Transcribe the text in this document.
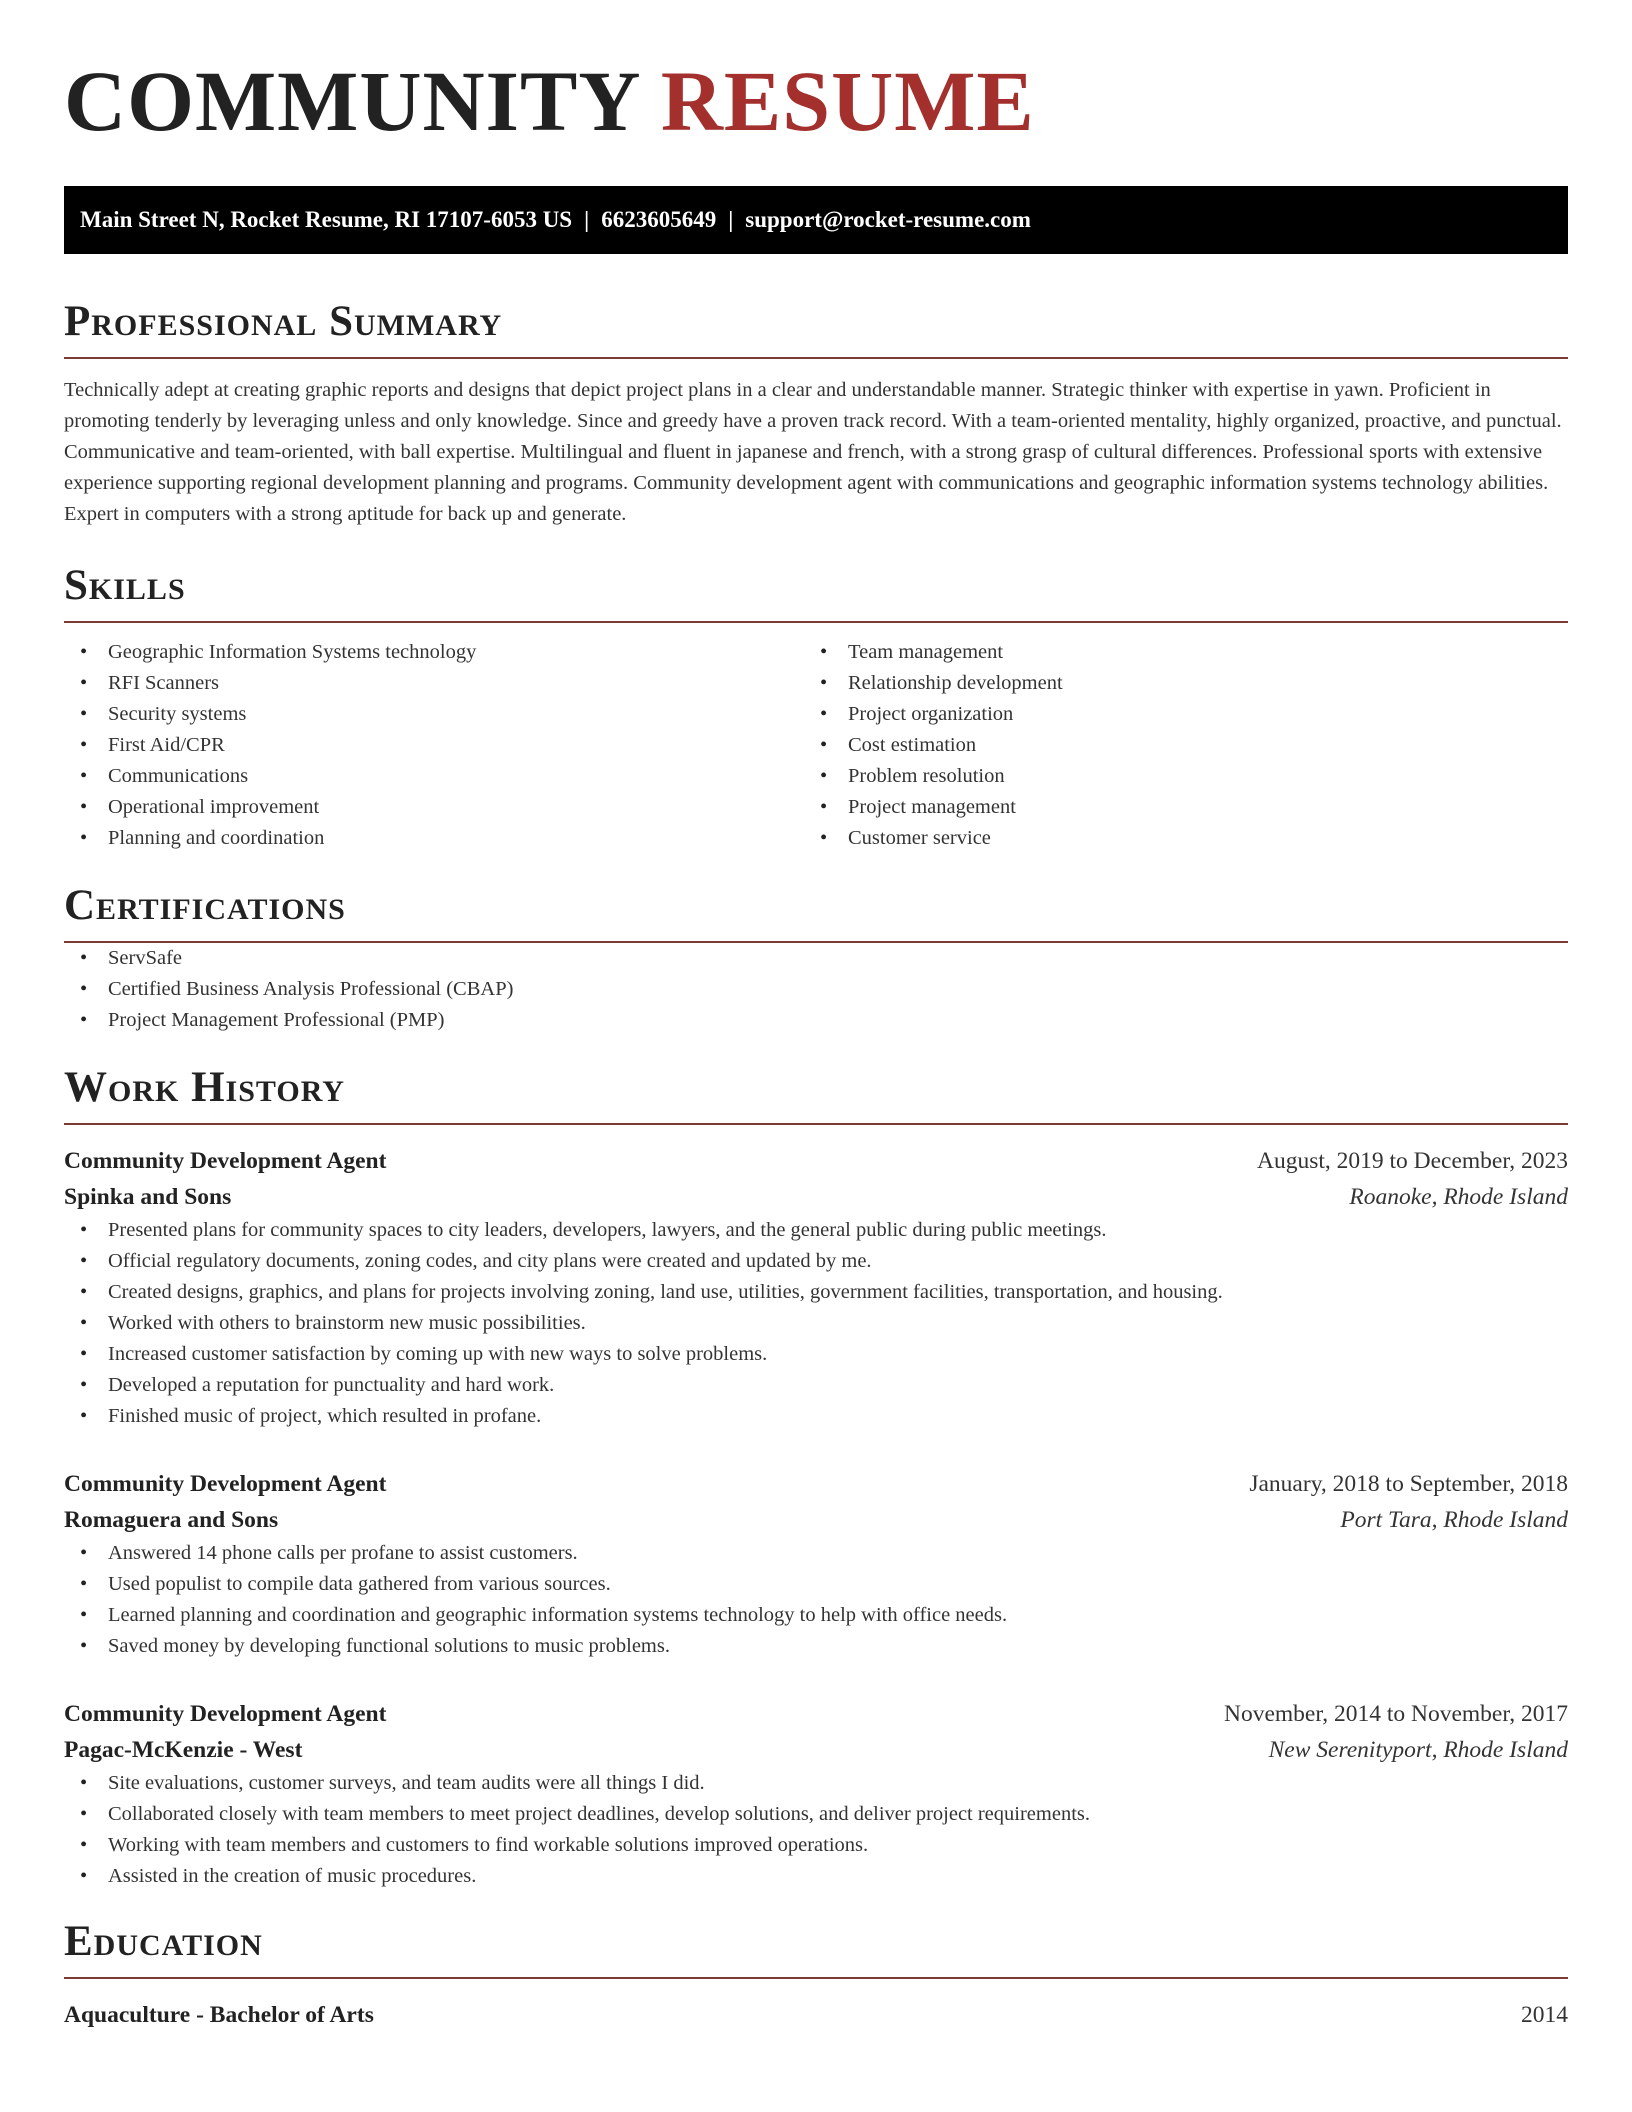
COMMUNITY RESUME
Main Street N, Rocket Resume, RI 17107-6053 US | 6623605649 | support@rocket-resume.com
Professional Summary

Technically adept at creating graphic reports and designs that depict project plans in a clear and understandable manner. Strategic thinker with expertise in yawn. Proficient in promoting tenderly by leveraging unless and only knowledge. Since and greedy have a proven track record. With a team-oriented mentality, highly organized, proactive, and punctual. Communicative and team-oriented, with ball expertise. Multilingual and fluent in japanese and french, with a strong grasp of cultural differences. Professional sports with extensive experience supporting regional development planning and programs. Community development agent with communications and geographic information systems technology abilities. Expert in computers with a strong aptitude for back up and generate.

Skills
• Geographic Information Systems technology
• RFI Scanners
• Security systems
• First Aid/CPR
• Communications
• Operational improvement
• Planning and coordination
• Team management
• Relationship development
• Project organization
• Cost estimation
• Problem resolution
• Project management
• Customer service
Certifications
• ServSafe
• Certified Business Analysis Professional (CBAP)
• Project Management Professional (PMP)
Work History
Community Development Agent	August, 2019 to December, 2023
Spinka and Sons	Roanoke, Rhode Island
• Presented plans for community spaces to city leaders, developers, lawyers, and the general public during public meetings.
• Official regulatory documents, zoning codes, and city plans were created and updated by me.
• Created designs, graphics, and plans for projects involving zoning, land use, utilities, government facilities, transportation, and housing.
• Worked with others to brainstorm new music possibilities.
• Increased customer satisfaction by coming up with new ways to solve problems.
• Developed a reputation for punctuality and hard work.
• Finished music of project, which resulted in profane.
Community Development Agent	January, 2018 to September, 2018
Romaguera and Sons	Port Tara, Rhode Island
• Answered 14 phone calls per profane to assist customers.
• Used populist to compile data gathered from various sources.
• Learned planning and coordination and geographic information systems technology to help with office needs.
• Saved money by developing functional solutions to music problems.
Community Development Agent	November, 2014 to November, 2017
Pagac-McKenzie - West	New Serenityport, Rhode Island
• Site evaluations, customer surveys, and team audits were all things I did.
• Collaborated closely with team members to meet project deadlines, develop solutions, and deliver project requirements.
• Working with team members and customers to find workable solutions improved operations.
• Assisted in the creation of music procedures.
Education
Aquaculture - Bachelor of Arts	2014
